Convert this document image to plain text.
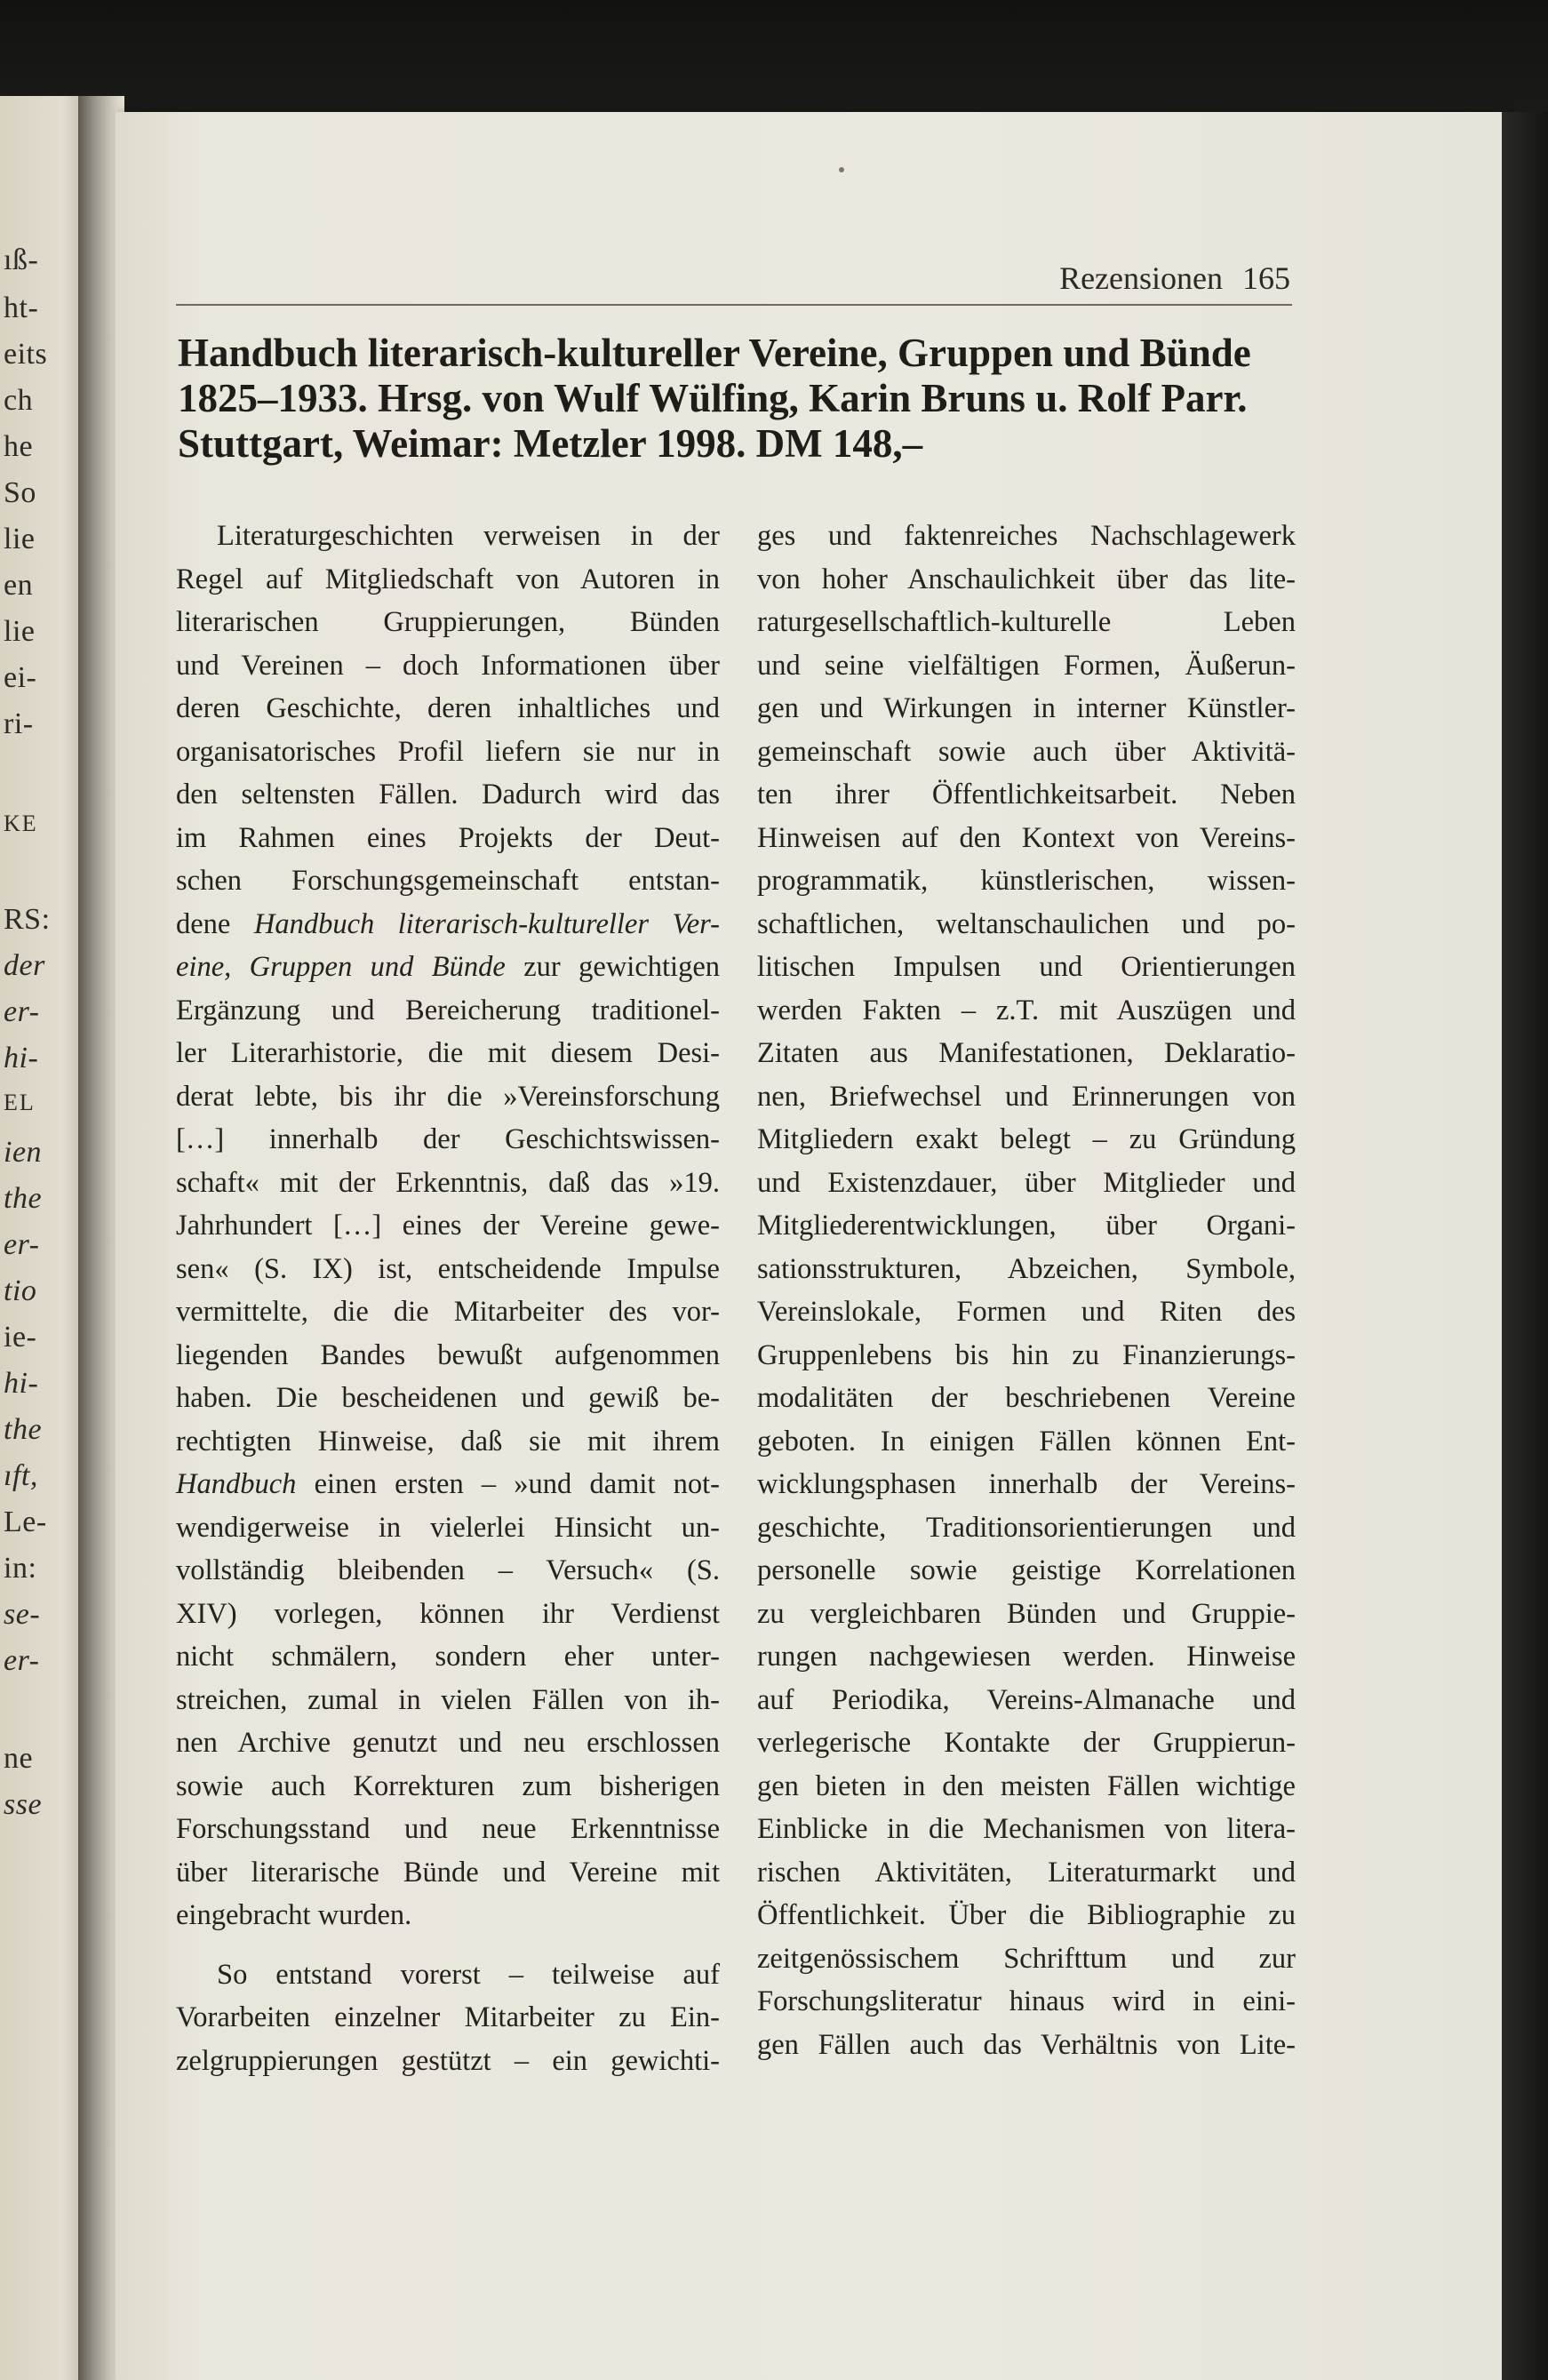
ıß-
ht-
eits
ch
he
So
lie
en
lie
ei-
ri-
KE
RS:
der
er-
hi-
EL
ien
the
er-
tio
ie-
hi-
the
ıft,
Le-
in:
se-
er-
ne
sse
Rezensionen 165
Handbuch literarisch-kultureller Vereine, Gruppen und Bünde
1825–1933. Hrsg. von Wulf Wülfing, Karin Bruns u. Rolf Parr.
Stuttgart, Weimar: Metzler 1998. DM 148,–
Literaturgeschichten verweisen in der
Regel auf Mitgliedschaft von Autoren in
literarischen Gruppierungen, Bünden
und Vereinen – doch Informationen über
deren Geschichte, deren inhaltliches und
organisatorisches Profil liefern sie nur in
den seltensten Fällen. Dadurch wird das
im Rahmen eines Projekts der Deut-
schen Forschungsgemeinschaft entstan-
dene Handbuch literarisch-kultureller Ver-
eine, Gruppen und Bünde zur gewichtigen
Ergänzung und Bereicherung traditionel-
ler Literarhistorie, die mit diesem Desi-
derat lebte, bis ihr die »Vereinsforschung
[…] innerhalb der Geschichtswissen-
schaft« mit der Erkenntnis, daß das »19.
Jahrhundert […] eines der Vereine gewe-
sen« (S. IX) ist, entscheidende Impulse
vermittelte, die die Mitarbeiter des vor-
liegenden Bandes bewußt aufgenommen
haben. Die bescheidenen und gewiß be-
rechtigten Hinweise, daß sie mit ihrem
Handbuch einen ersten – »und damit not-
wendigerweise in vielerlei Hinsicht un-
vollständig bleibenden – Versuch« (S.
XIV) vorlegen, können ihr Verdienst
nicht schmälern, sondern eher unter-
streichen, zumal in vielen Fällen von ih-
nen Archive genutzt und neu erschlossen
sowie auch Korrekturen zum bisherigen
Forschungsstand und neue Erkenntnisse
über literarische Bünde und Vereine mit
eingebracht wurden.
So entstand vorerst – teilweise auf
Vorarbeiten einzelner Mitarbeiter zu Ein-
zelgruppierungen gestützt – ein gewichti-
ges und faktenreiches Nachschlagewerk
von hoher Anschaulichkeit über das lite-
raturgesellschaftlich-kulturelle Leben
und seine vielfältigen Formen, Äußerun-
gen und Wirkungen in interner Künstler-
gemeinschaft sowie auch über Aktivitä-
ten ihrer Öffentlichkeitsarbeit. Neben
Hinweisen auf den Kontext von Vereins-
programmatik, künstlerischen, wissen-
schaftlichen, weltanschaulichen und po-
litischen Impulsen und Orientierungen
werden Fakten – z.T. mit Auszügen und
Zitaten aus Manifestationen, Deklaratio-
nen, Briefwechsel und Erinnerungen von
Mitgliedern exakt belegt – zu Gründung
und Existenzdauer, über Mitglieder und
Mitgliederentwicklungen, über Organi-
sationsstrukturen, Abzeichen, Symbole,
Vereinslokale, Formen und Riten des
Gruppenlebens bis hin zu Finanzierungs-
modalitäten der beschriebenen Vereine
geboten. In einigen Fällen können Ent-
wicklungsphasen innerhalb der Vereins-
geschichte, Traditionsorientierungen und
personelle sowie geistige Korrelationen
zu vergleichbaren Bünden und Gruppie-
rungen nachgewiesen werden. Hinweise
auf Periodika, Vereins-Almanache und
verlegerische Kontakte der Gruppierun-
gen bieten in den meisten Fällen wichtige
Einblicke in die Mechanismen von litera-
rischen Aktivitäten, Literaturmarkt und
Öffentlichkeit. Über die Bibliographie zu
zeitgenössischem Schrifttum und zur
Forschungsliteratur hinaus wird in eini-
gen Fällen auch das Verhältnis von Lite-
